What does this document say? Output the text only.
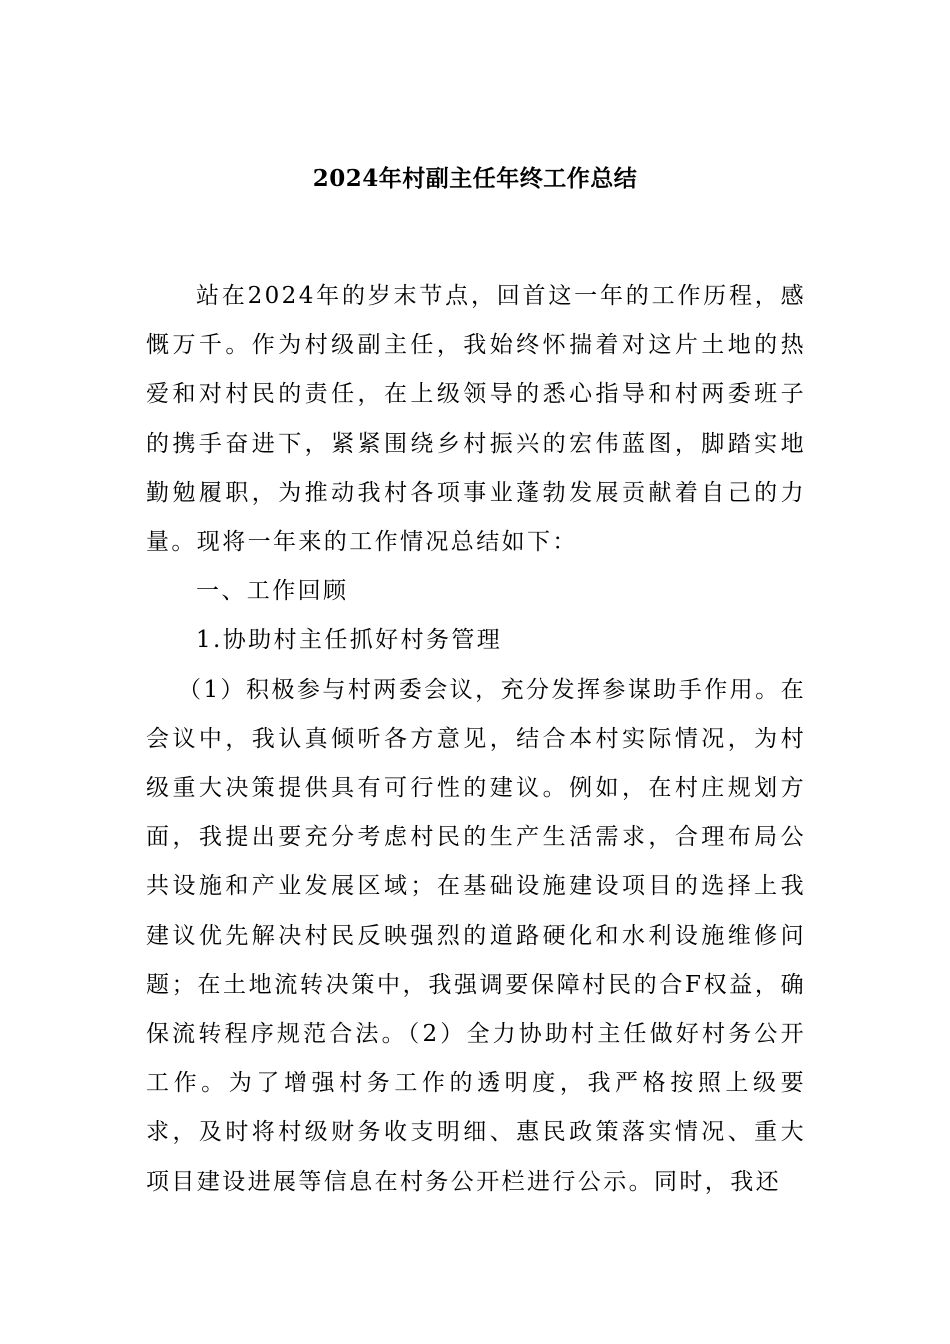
2024年村副主任年终工作总结

站在2024年的岁末节点，回首这一年的工作历程，感慨万千。作为村级副主任，我始终怀揣着对这片土地的热爱和对村民的责任，在上级领导的悉心指导和村两委班子的携手奋进下，紧紧围绕乡村振兴的宏伟蓝图，脚踏实地勤勉履职，为推动我村各项事业蓬勃发展贡献着自己的力量。现将一年来的工作情况总结如下：

一、工作回顾

1.协助村主任抓好村务管理

（1）积极参与村两委会议，充分发挥参谋助手作用。在会议中，我认真倾听各方意见，结合本村实际情况，为村级重大决策提供具有可行性的建议。例如，在村庄规划方面，我提出要充分考虑村民的生产生活需求，合理布局公共设施和产业发展区域；在基础设施建设项目的选择上我建议优先解决村民反映强烈的道路硬化和水利设施维修问题；在土地流转决策中，我强调要保障村民的合F权益，确保流转程序规范合法。（2）全力协助村主任做好村务公开工作。为了增强村务工作的透明度，我严格按照上级要求，及时将村级财务收支明细、惠民政策落实情况、重大项目建设进展等信息在村务公开栏进行公示。同时，我还
